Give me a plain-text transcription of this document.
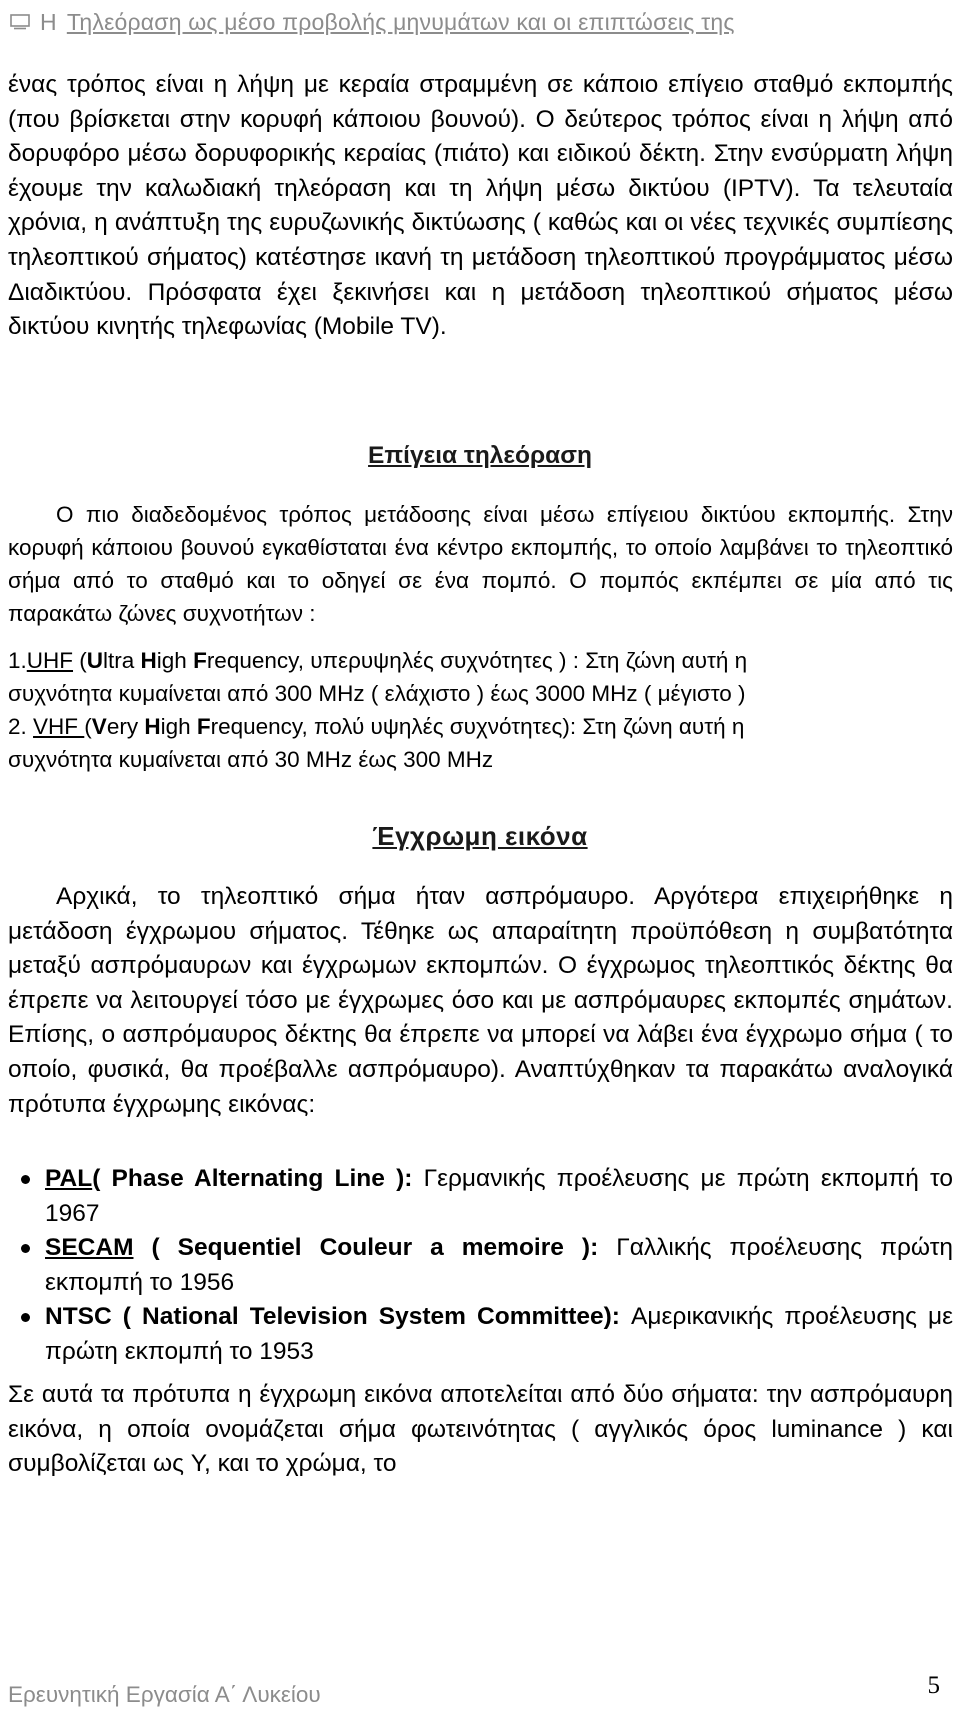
Η Τηλεόραση ως μέσο προβολής μηνυμάτων και οι επιπτώσεις της

ένας τρόπος είναι η λήψη με κεραία στραμμένη σε κάποιο επίγειο σταθμό εκπομπής (που βρίσκεται στην κορυφή κάποιου βουνού). Ο δεύτερος τρόπος είναι η λήψη από δορυφόρο μέσω δορυφορικής κεραίας (πιάτο) και ειδικού δέκτη. Στην ενσύρματη λήψη έχουμε την καλωδιακή τηλεόραση και τη λήψη μέσω δικτύου (IPTV). Τα τελευταία χρόνια, η ανάπτυξη της ευρυζωνικής δικτύωσης ( καθώς και οι νέες τεχνικές συμπίεσης τηλεοπτικού σήματος) κατέστησε ικανή τη μετάδοση τηλεοπτικού προγράμματος μέσω Διαδικτύου. Πρόσφατα έχει ξεκινήσει και η μετάδοση τηλεοπτικού σήματος μέσω δικτύου κινητής τηλεφωνίας (Mobile TV).

Επίγεια τηλεόραση

Ο πιο διαδεδομένος τρόπος μετάδοσης είναι μέσω επίγειου δικτύου εκπομπής. Στην κορυφή κάποιου βουνού εγκαθίσταται ένα κέντρο εκπομπής, το οποίο λαμβάνει το τηλεοπτικό σήμα από το σταθμό και το οδηγεί σε ένα πομπό. Ο πομπός εκπέμπει σε μία από τις παρακάτω ζώνες συχνοτήτων :

1.UHF (Ultra High Frequency, υπερυψηλές συχνότητες ) : Στη ζώνη αυτή η
συχνότητα κυμαίνεται από 300 MHz ( ελάχιστο ) έως 3000 MHz ( μέγιστο )
2. VHF (Very High Frequency, πολύ υψηλές συχνότητες): Στη ζώνη αυτή η
συχνότητα κυμαίνεται από 30 MHz έως 300 MHz
Έγχρωμη εικόνα

Αρχικά, το τηλεοπτικό σήμα ήταν ασπρόμαυρο. Αργότερα επιχειρήθηκε η μετάδοση έγχρωμου σήματος. Τέθηκε ως απαραίτητη προϋπόθεση η συμβατότητα μεταξύ ασπρόμαυρων και έγχρωμων εκπομπών. Ο έγχρωμος τηλεοπτικός δέκτης θα έπρεπε να λειτουργεί τόσο με έγχρωμες όσο και με ασπρόμαυρες εκπομπές σημάτων. Επίσης, ο ασπρόμαυρος δέκτης θα έπρεπε να μπορεί να λάβει ένα έγχρωμο σήμα ( το οποίο, φυσικά, θα προέβαλλε ασπρόμαυρο). Αναπτύχθηκαν τα παρακάτω αναλογικά πρότυπα έγχρωμης εικόνας:

PAL( Phase Alternating Line ): Γερμανικής προέλευσης με πρώτη εκπομπή το 1967
SECAM ( Sequentiel Couleur a memoire ): Γαλλικής προέλευσης πρώτη εκπομπή το 1956
NTSC ( National Television System Committee): Αμερικανικής προέλευσης με πρώτη εκπομπή το 1953

Σε αυτά τα πρότυπα η έγχρωμη εικόνα αποτελείται από δύο σήματα: την ασπρόμαυρη εικόνα, η οποία ονομάζεται σήμα φωτεινότητας ( αγγλικός όρος luminance ) και συμβολίζεται ως Y, και το χρώμα, το

Ερευνητική Εργασία Α΄ Λυκείου	5
